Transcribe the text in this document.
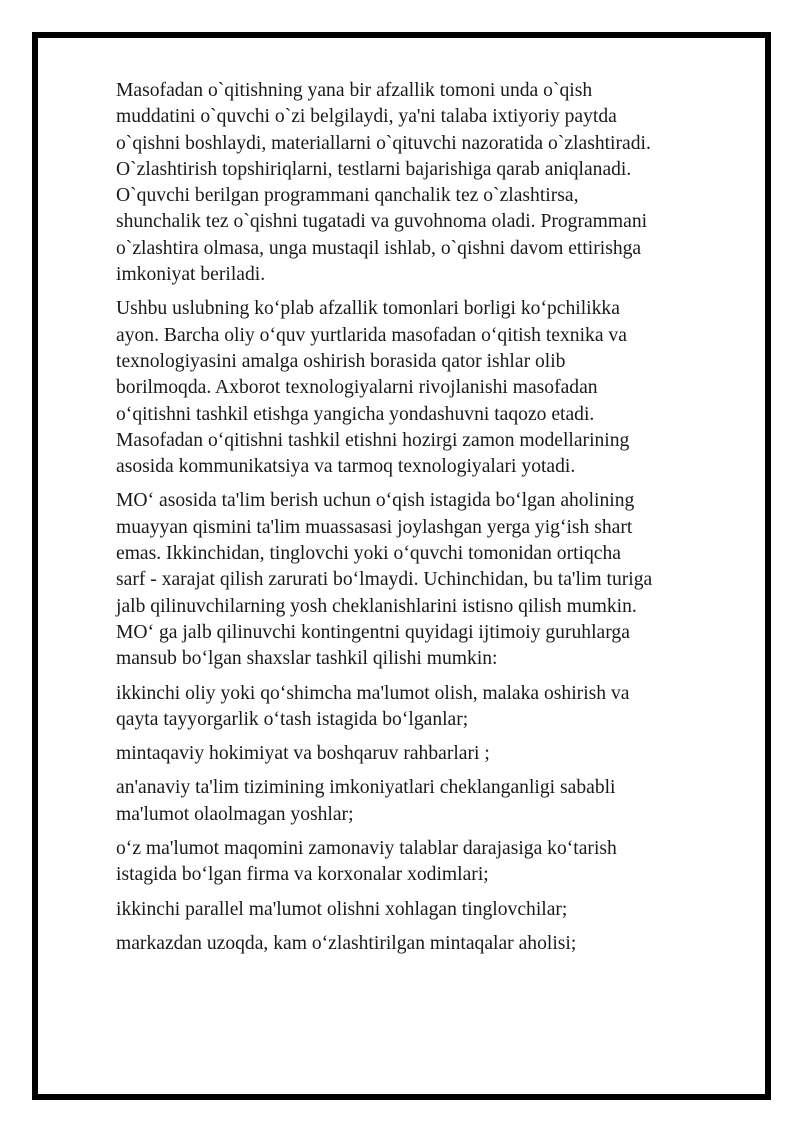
Masofadan o`qitishning yana bir afzallik tomoni unda o`qish
muddatini o`quvchi o`zi belgilaydi, ya'ni talaba ixtiyoriy paytda
o`qishni boshlaydi, materiallarni o`qituvchi nazoratida o`zlashtiradi.
O`zlashtirish topshiriqlarni, testlarni bajarishiga qarab aniqlanadi.
O`quvchi berilgan programmani qanchalik tez o`zlashtirsa,
shunchalik tez o`qishni tugatadi va guvohnoma oladi. Programmani
o`zlashtira olmasa, unga mustaqil ishlab, o`qishni davom ettirishga
imkoniyat beriladi.

Ushbu uslubning ko‘plab afzallik tomonlari borligi ko‘pchilikka
ayon. Barcha oliy o‘quv yurtlarida masofadan o‘qitish texnika va
texnologiyasini amalga oshirish borasida qator ishlar olib
borilmoqda. Axborot texnologiyalarni rivojlanishi masofadan
o‘qitishni tashkil etishga yangicha yondashuvni taqozo etadi.
Masofadan o‘qitishni tashkil etishni hozirgi zamon modellarining
asosida kommunikatsiya va tarmoq texnologiyalari yotadi.

MO‘ asosida ta'lim berish uchun o‘qish istagida bo‘lgan aholining
muayyan qismini ta'lim muassasasi joylashgan yerga yig‘ish shart
emas. Ikkinchidan, tinglovchi yoki o‘quvchi tomonidan ortiqcha
sarf - xarajat qilish zarurati bo‘lmaydi. Uchinchidan, bu ta'lim turiga
jalb qilinuvchilarning yosh cheklanishlarini istisno qilish mumkin.
MO‘ ga jalb qilinuvchi kontingentni quyidagi ijtimoiy guruhlarga
mansub bo‘lgan shaxslar tashkil qilishi mumkin:

ikkinchi oliy yoki qo‘shimcha ma'lumot olish, malaka oshirish va
qayta tayyorgarlik o‘tash istagida bo‘lganlar;

mintaqaviy hokimiyat va boshqaruv rahbarlari ;

an'anaviy ta'lim tizimining imkoniyatlari cheklanganligi sababli
ma'lumot olaolmagan yoshlar;

o‘z ma'lumot maqomini zamonaviy talablar darajasiga ko‘tarish
istagida bo‘lgan firma va korxonalar xodimlari;

ikkinchi parallel ma'lumot olishni xohlagan tinglovchilar;

markazdan uzoqda, kam o‘zlashtirilgan mintaqalar aholisi;
